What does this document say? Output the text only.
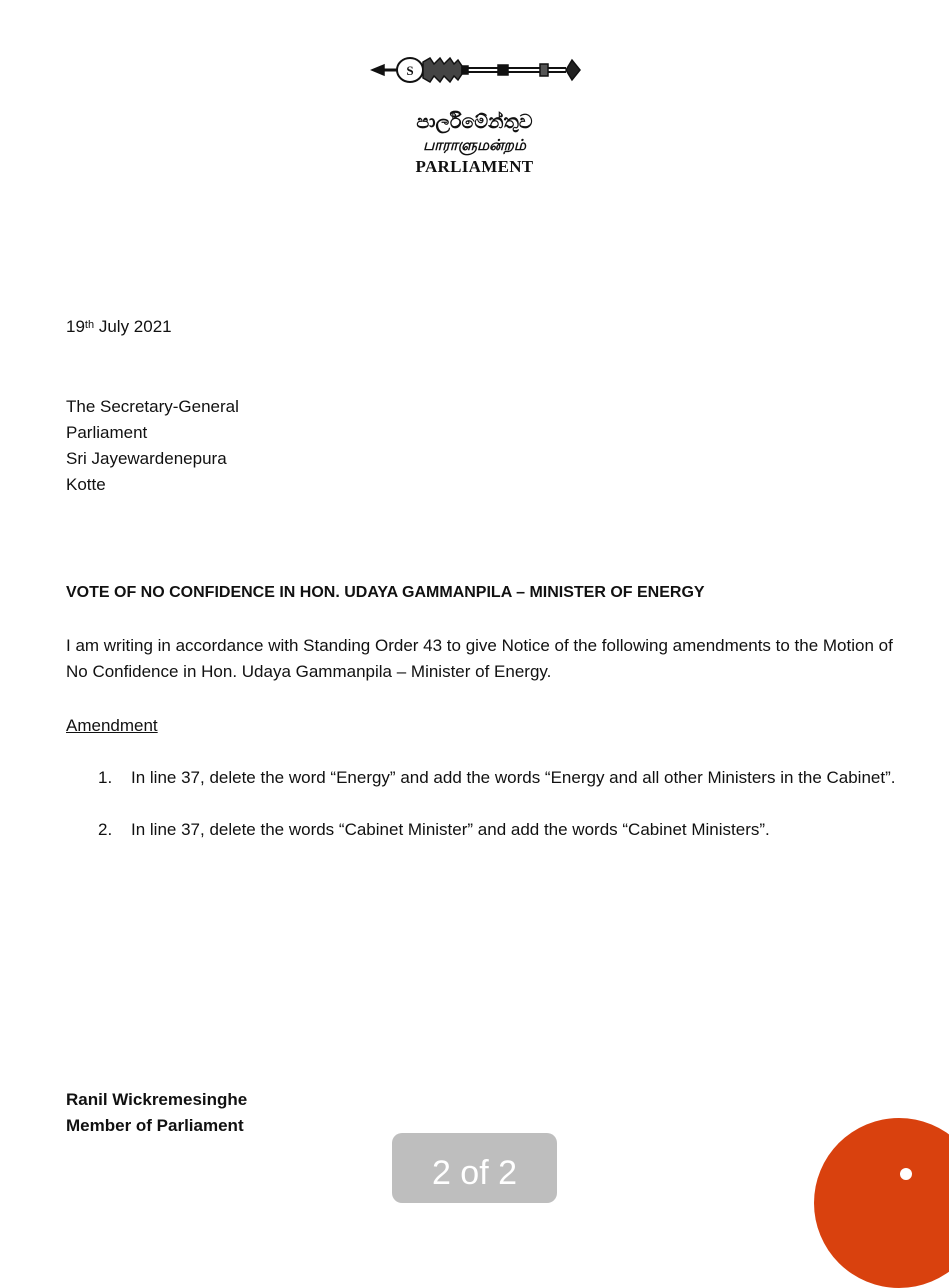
S
පාර්ලිමේන්තුව
பாராளுமன்றம்
PARLIAMENT
19th July 2021
The Secretary-General
Parliament
Sri Jayewardenepura
Kotte
VOTE OF NO CONFIDENCE IN HON. UDAYA GAMMANPILA – MINISTER OF ENERGY
I am writing in accordance with Standing Order 43 to give Notice of the following amendments to the Motion of No Confidence in Hon. Udaya Gammanpila – Minister of Energy.
Amendment
1. In line 37, delete the word “Energy” and add the words “Energy and all other Ministers in the Cabinet”.
2. In line 37, delete the words “Cabinet Minister” and add the words “Cabinet Ministers”.
Ranil Wickremesinghe
Member of Parliament
2 of 2
